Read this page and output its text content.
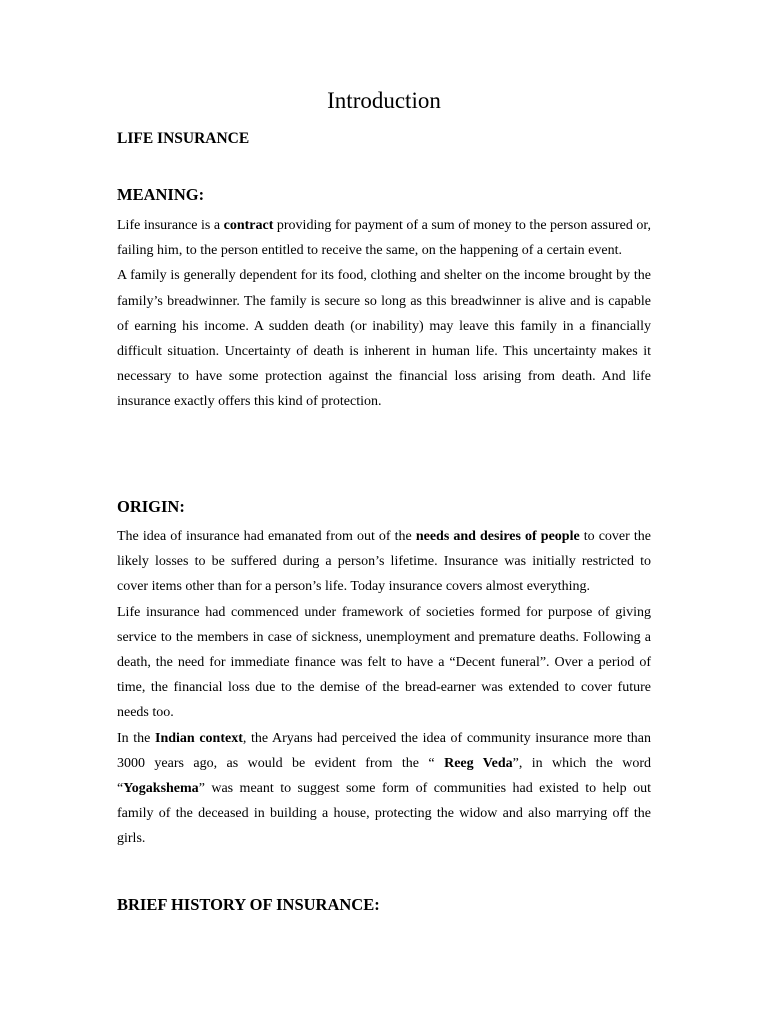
Introduction
LIFE INSURANCE
MEANING:

Life insurance is a contract providing for payment of a sum of money to the person assured or, failing him, to the person entitled to receive the same, on the happening of a certain event.

A family is generally dependent for its food, clothing and shelter on the income brought by the family’s breadwinner. The family is secure so long as this breadwinner is alive and is capable of earning his income. A sudden death (or inability) may leave this family in a financially difficult situation. Uncertainty of death is inherent in human life. This uncertainty makes it necessary to have some protection against the financial loss arising from death. And life insurance exactly offers this kind of protection.

ORIGIN:

The idea of insurance had emanated from out of the needs and desires of people to cover the likely losses to be suffered during a person’s lifetime. Insurance was initially restricted to cover items other than for a person’s life. Today insurance covers almost everything.

Life insurance had commenced under framework of societies formed for purpose of giving service to the members in case of sickness, unemployment and premature deaths. Following a death, the need for immediate finance was felt to have a “Decent funeral”. Over a period of time, the financial loss due to the demise of the bread-earner was extended to cover future needs too.

In the Indian context, the Aryans had perceived the idea of community insurance more than 3000 years ago, as would be evident from the “ Reeg Veda”, in which the word “Yogakshema” was meant to suggest some form of communities had existed to help out family of the deceased in building a house, protecting the widow and also marrying off the girls.

BRIEF HISTORY OF INSURANCE:
